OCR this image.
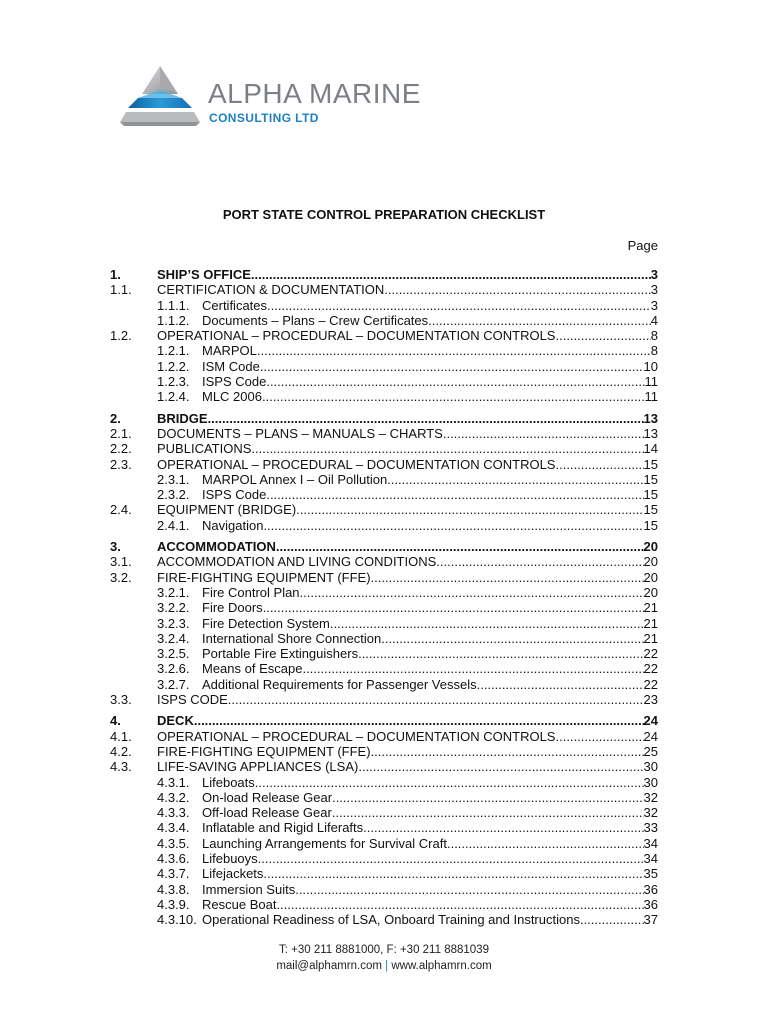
ALPHA MARINE
CONSULTING LTD
PORT STATE CONTROL PREPARATION CHECKLIST
Page
1.	SHIP’S OFFICE .....	3
1.1. CERTIFICATION & DOCUMENTATION .....	3
1.1.1. Certificates .....	3
1.1.2. Documents – Plans – Crew Certificates .....	4
1.2. OPERATIONAL – PROCEDURAL – DOCUMENTATION CONTROLS .....	8
1.2.1. MARPOL .....	8
1.2.2. ISM Code .....	10
1.2.3. ISPS Code .....	11
1.2.4. MLC 2006 .....	11
2.	BRIDGE .....	13
2.1. DOCUMENTS – PLANS – MANUALS – CHARTS .....	13
2.2. PUBLICATIONS .....	14
2.3. OPERATIONAL – PROCEDURAL – DOCUMENTATION CONTROLS .....	15
2.3.1. MARPOL Annex I – Oil Pollution .....	15
2.3.2. ISPS Code .....	15
2.4. EQUIPMENT (BRIDGE) .....	15
2.4.1. Navigation .....	15
3.	ACCOMMODATION .....	20
3.1. ACCOMMODATION AND LIVING CONDITIONS .....	20
3.2. FIRE-FIGHTING EQUIPMENT (FFE) .....	20
3.2.1. Fire Control Plan .....	20
3.2.2. Fire Doors .....	21
3.2.3. Fire Detection System .....	21
3.2.4. International Shore Connection .....	21
3.2.5. Portable Fire Extinguishers .....	22
3.2.6. Means of Escape .....	22
3.2.7. Additional Requirements for Passenger Vessels .....	22
3.3. ISPS CODE .....	23
4.	DECK .....	24
4.1. OPERATIONAL – PROCEDURAL – DOCUMENTATION CONTROLS .....	24
4.2. FIRE-FIGHTING EQUIPMENT (FFE) .....	25
4.3. LIFE-SAVING APPLIANCES (LSA) .....	30
4.3.1. Lifeboats .....	30
4.3.2. On-load Release Gear .....	32
4.3.3. Off-load Release Gear .....	32
4.3.4. Inflatable and Rigid Liferafts .....	33
4.3.5. Launching Arrangements for Survival Craft .....	34
4.3.6. Lifebuoys .....	34
4.3.7. Lifejackets .....	35
4.3.8. Immersion Suits .....	36
4.3.9. Rescue Boat .....	36
4.3.10. Operational Readiness of LSA, Onboard Training and Instructions .....	37
T: +30 211 8881000, F: +30 211 8881039
mail@alphamrn.com | www.alphamrn.com
